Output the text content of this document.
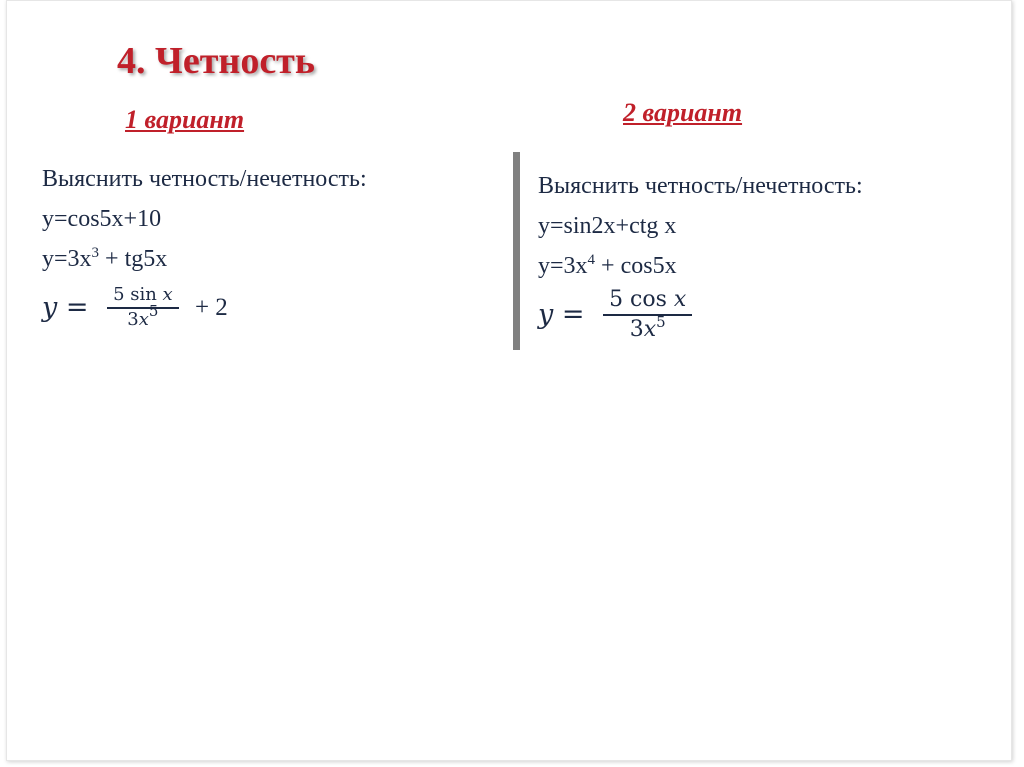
4. Четность
1 вариант	2 вариант
Выяснить четность/нечетность:
y=cos5x+10
$y=3x^3 + tg5x$
$y = \frac{\text{5 sin x}}{3x^5} + 2$
Выяснить четность/нечетность:
y=sin2x+ctg x
$y=3x^4 + \cos 5x$
$y = \frac{\text{5 cos x}}{3x^5}$
